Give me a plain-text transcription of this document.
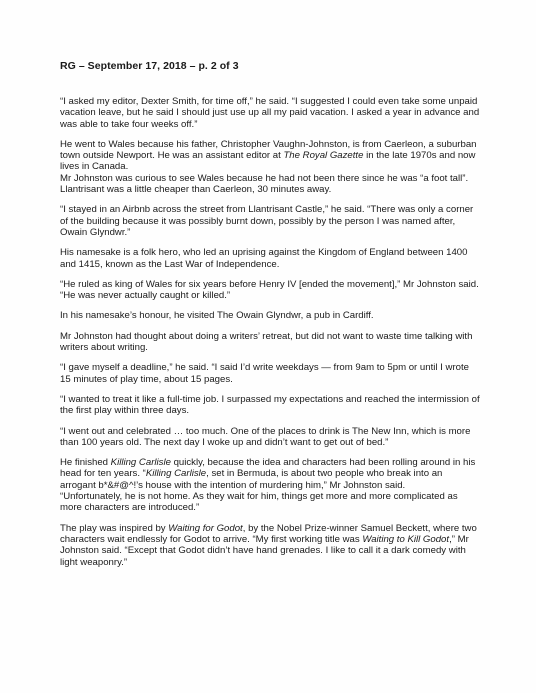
RG – September 17, 2018 – p. 2 of 3

“I asked my editor, Dexter Smith, for time off,” he said. “I suggested I could even take some unpaid vacation leave, but he said I should just use up all my paid vacation. I asked a year in advance and was able to take four weeks off.”

He went to Wales because his father, Christopher Vaughn-Johnston, is from Caerleon, a suburban town outside Newport. He was an assistant editor at The Royal Gazette in the late 1970s and now lives in Canada.

Mr Johnston was curious to see Wales because he had not been there since he was “a foot tall”. Llantrisant was a little cheaper than Caerleon, 30 minutes away.

“I stayed in an Airbnb across the street from Llantrisant Castle,” he said. “There was only a corner of the building because it was possibly burnt down, possibly by the person I was named after, Owain Glyndwr.”

His namesake is a folk hero, who led an uprising against the Kingdom of England between 1400 and 1415, known as the Last War of Independence.

“He ruled as king of Wales for six years before Henry IV [ended the movement],” Mr Johnston said. “He was never actually caught or killed.”

In his namesake’s honour, he visited The Owain Glyndwr, a pub in Cardiff.

Mr Johnston had thought about doing a writers’ retreat, but did not want to waste time talking with writers about writing.

“I gave myself a deadline,” he said. “I said I’d write weekdays — from 9am to 5pm or until I wrote 15 minutes of play time, about 15 pages.

“I wanted to treat it like a full-time job. I surpassed my expectations and reached the intermission of the first play within three days.

“I went out and celebrated … too much. One of the places to drink is The New Inn, which is more than 100 years old. The next day I woke up and didn’t want to get out of bed.”

He finished Killing Carlisle quickly, because the idea and characters had been rolling around in his head for ten years. “Killing Carlisle, set in Bermuda, is about two people who break into an arrogant b*&#@^!’s house with the intention of murdering him,” Mr Johnston said.

“Unfortunately, he is not home. As they wait for him, things get more and more complicated as more characters are introduced.”

The play was inspired by Waiting for Godot, by the Nobel Prize-winner Samuel Beckett, where two characters wait endlessly for Godot to arrive. “My first working title was Waiting to Kill Godot,” Mr Johnston said. “Except that Godot didn’t have hand grenades. I like to call it a dark comedy with light weaponry.”
